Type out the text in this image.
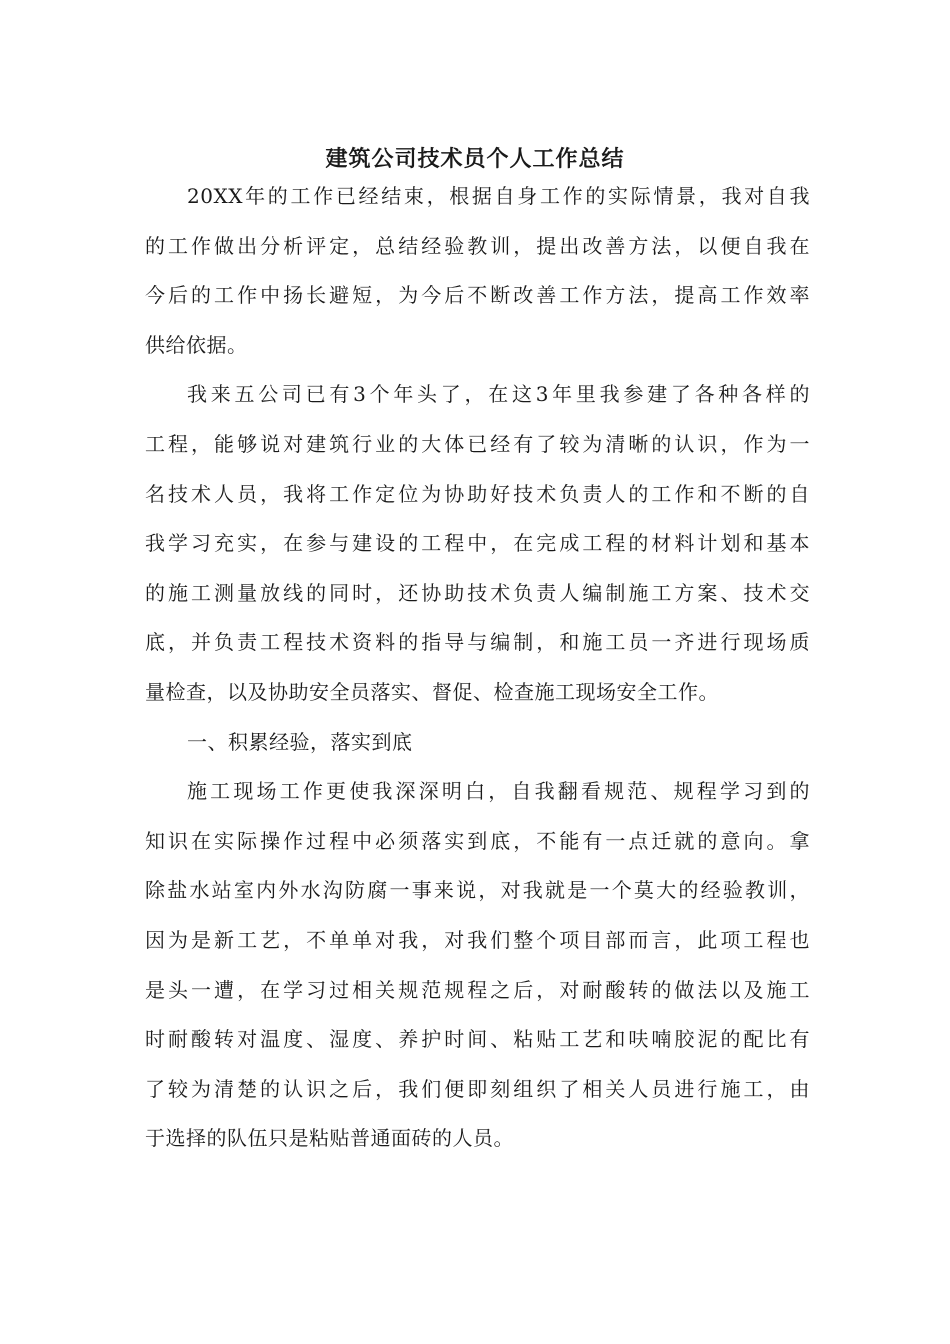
建筑公司技术员个人工作总结
20XX年的工作已经结束，根据自身工作的实际情景，我对自我
的工作做出分析评定，总结经验教训，提出改善方法，以便自我在
今后的工作中扬长避短，为今后不断改善工作方法，提高工作效率
供给依据。
我来五公司已有3个年头了，在这3年里我参建了各种各样的
工程，能够说对建筑行业的大体已经有了较为清晰的认识，作为一
名技术人员，我将工作定位为协助好技术负责人的工作和不断的自
我学习充实，在参与建设的工程中，在完成工程的材料计划和基本
的施工测量放线的同时，还协助技术负责人编制施工方案、技术交
底，并负责工程技术资料的指导与编制，和施工员一齐进行现场质
量检查，以及协助安全员落实、督促、检查施工现场安全工作。
一、积累经验，落实到底
施工现场工作更使我深深明白，自我翻看规范、规程学习到的
知识在实际操作过程中必须落实到底，不能有一点迁就的意向。拿
除盐水站室内外水沟防腐一事来说，对我就是一个莫大的经验教训，
因为是新工艺，不单单对我，对我们整个项目部而言，此项工程也
是头一遭，在学习过相关规范规程之后，对耐酸转的做法以及施工
时耐酸转对温度、湿度、养护时间、粘贴工艺和呋喃胶泥的配比有
了较为清楚的认识之后，我们便即刻组织了相关人员进行施工，由
于选择的队伍只是粘贴普通面砖的人员。
